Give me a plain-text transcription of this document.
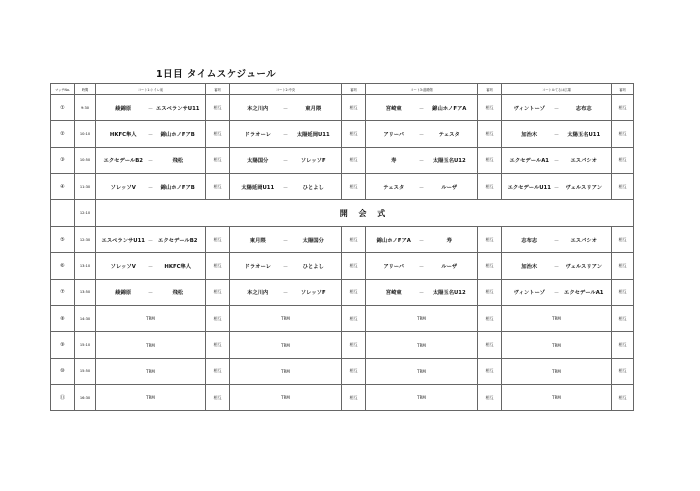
1日目 タイムスケジュール
マッチNo.	時間	コート1:トイレ前	審判	コート2:中央	審判	コート3:道路側	審判	コート4:てるは広場	審判
①	9:30	綾錦原 － エスペランサU11	相互	本之川内 － 東月隈	相互	宮崎東 － 錦山ホノFアA	相互	ヴィントーゾ － 志布志	相互
②	10:10	HKFC隼人 － 錦山ホノFアB	相互	ドラオーレ － 太陽延岡U11	相互	アリーバ － テェスタ	相互	加治木 － 太陽玉名U11	相互
③	10:50	エクセデールB2 － 飛松	相互	太陽国分 － ソレッソF	相互	寿 － 太陽玉名U12	相互	エクセデールA1 － エスパシオ	相互
④	11:30	ソレッソV － 錦山ホノFアB	相互	太陽延岡U11 － ひとよし	相互	テェスタ － ルーザ	相互	エクセデールU11 － ヴェルスリアン	相互
	12:10	開 会 式							
⑤	12:30	エスペランサU11 － エクセデールB2	相互	東月隈 － 太陽国分	相互	錦山ホノFアA － 寿	相互	志布志 － エスパシオ	相互
⑥	13:10	ソレッソV － HKFC隼人	相互	ドラオーレ － ひとよし	相互	アリーバ － ルーザ	相互	加治木 － ヴェルスリアン	相互
⑦	13:50	綾錦原 － 飛松	相互	本之川内 － ソレッソF	相互	宮崎東 － 太陽玉名U12	相互	ヴィントーゾ － エクセデールA1	相互
⑧	14:30	TRM	相互	TRM	相互	TRM	相互	TRM	相互
⑨	15:10	TRM	相互	TRM	相互	TRM	相互	TRM	相互
⑩	15:50	TRM	相互	TRM	相互	TRM	相互	TRM	相互
⑪	16:30	TRM	相互	TRM	相互	TRM	相互	TRM	相互
